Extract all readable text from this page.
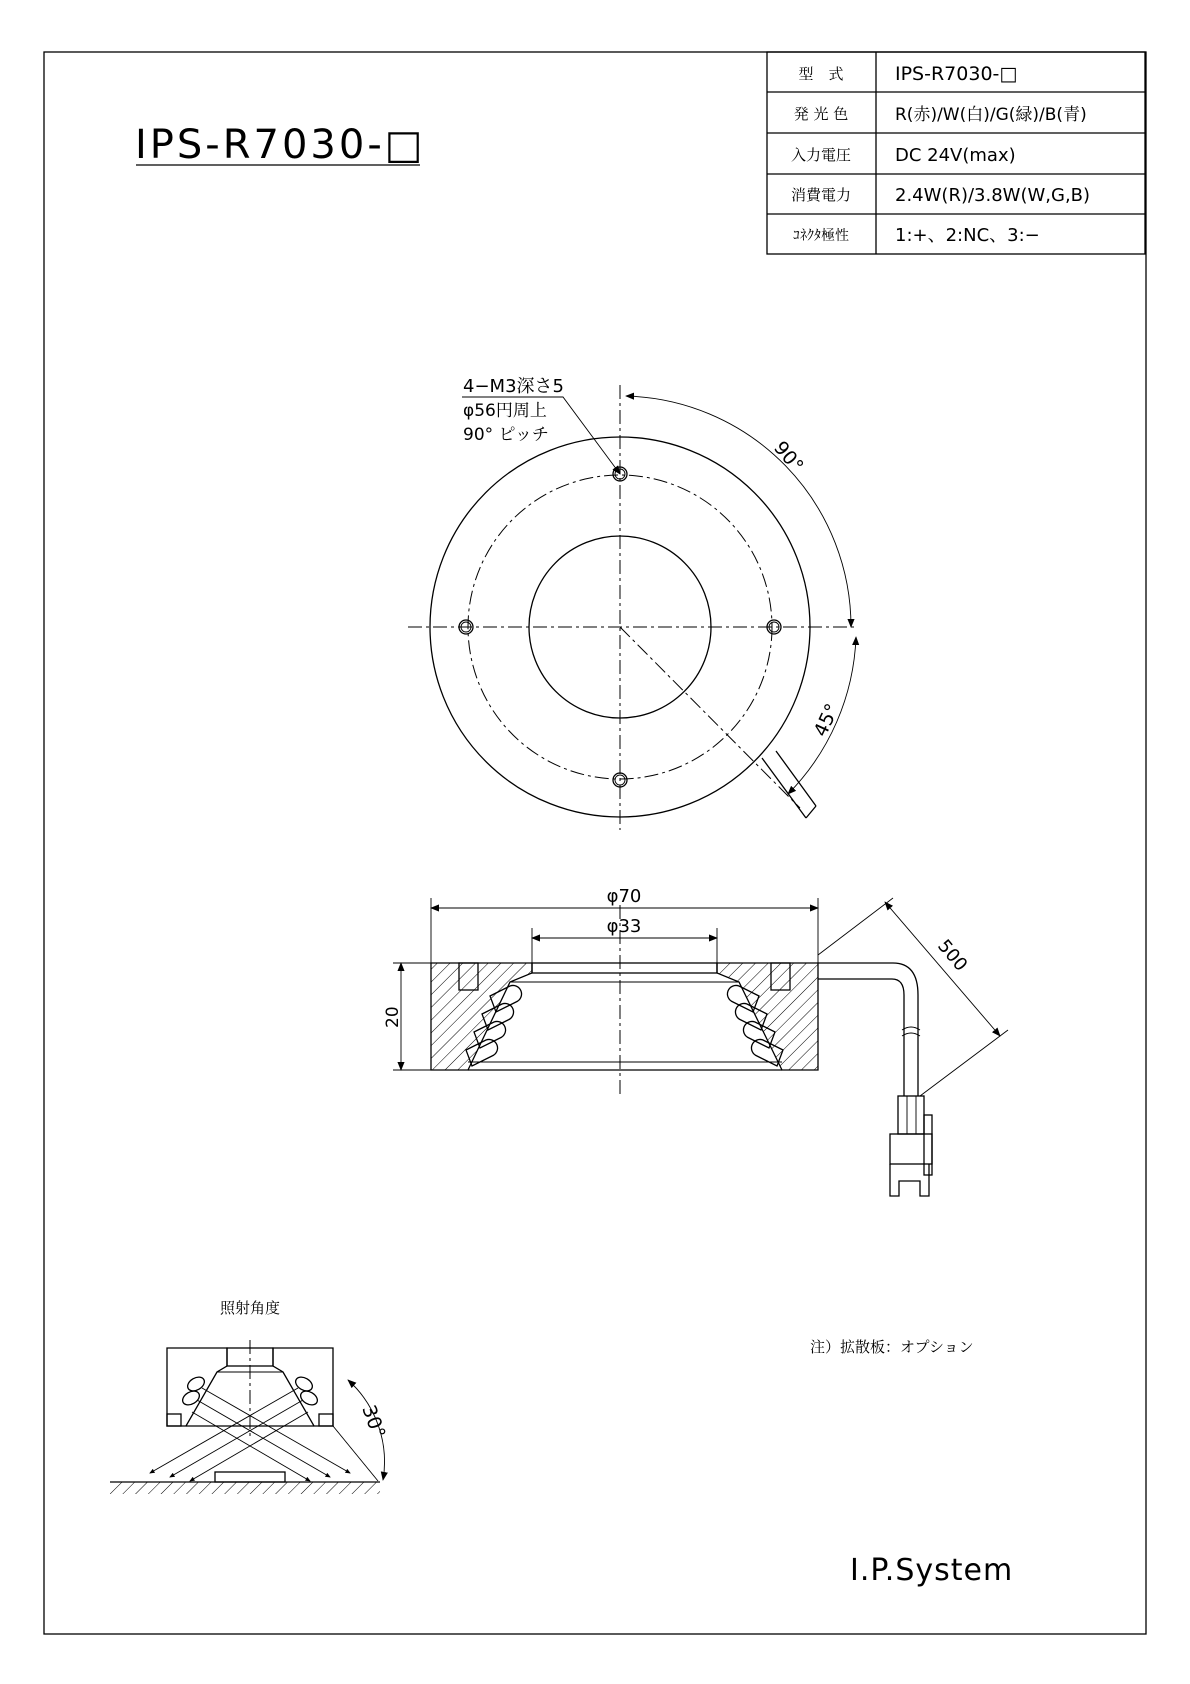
IPS-R7030-□
型　式	IPS-R7030-□
発 光 色	R(赤)/W(白)/G(緑)/B(青)
入力電圧 DC 24V(max)
消費電力 2.4W(R)/3.8W(W,G,B)
ｺﾈｸﾀ極性	1:+、2:NC、3:−
90°
45°
4−M3深さ5
φ56円周上
90° ピッチ
φ70
φ33
20
500
照射角度
30°
注）拡散板：オプション
I.P.System
